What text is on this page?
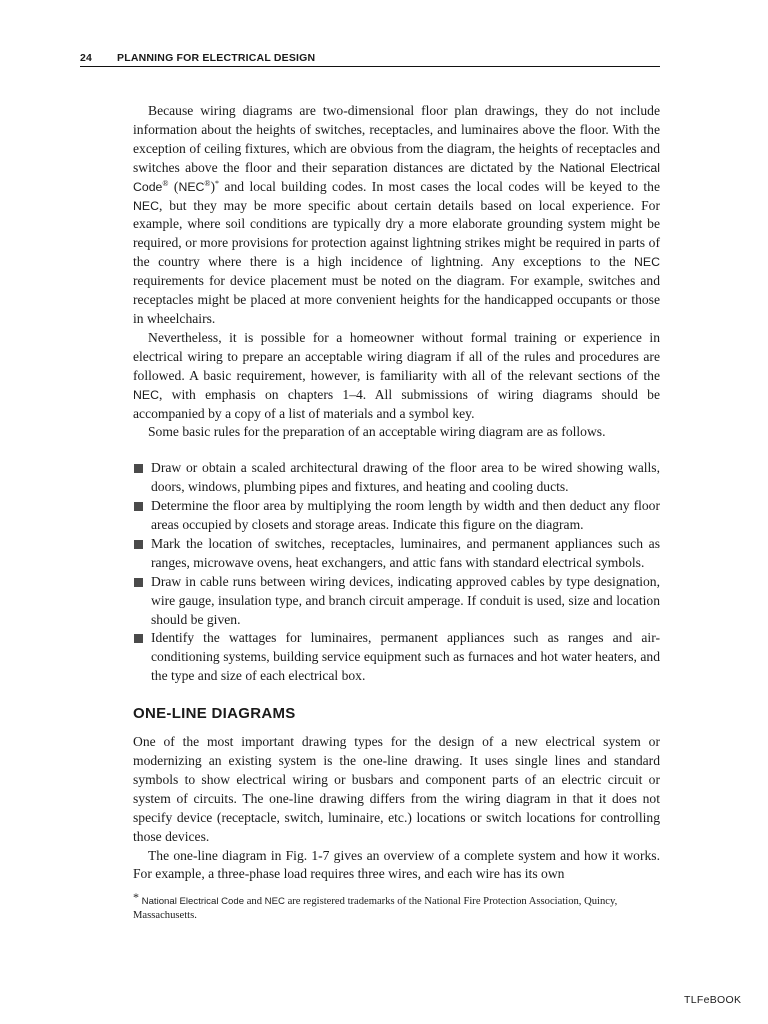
24 PLANNING FOR ELECTRICAL DESIGN

Because wiring diagrams are two-dimensional floor plan drawings, they do not include information about the heights of switches, receptacles, and luminaires above the floor. With the exception of ceiling fixtures, which are obvious from the diagram, the heights of receptacles and switches above the floor and their separation distances are dictated by the National Electrical Code® (NEC®)* and local building codes. In most cases the local codes will be keyed to the NEC, but they may be more specific about certain details based on local experience. For example, where soil conditions are typically dry a more elaborate grounding system might be required, or more provisions for protection against lightning strikes might be required in parts of the country where there is a high incidence of lightning. Any exceptions to the NEC requirements for device placement must be noted on the diagram. For example, switches and receptacles might be placed at more convenient heights for the handicapped occupants or those in wheelchairs.

Nevertheless, it is possible for a homeowner without formal training or experience in electrical wiring to prepare an acceptable wiring diagram if all of the rules and procedures are followed. A basic requirement, however, is familiarity with all of the relevant sections of the NEC, with emphasis on chapters 1–4. All submissions of wiring diagrams should be accompanied by a copy of a list of materials and a symbol key.

Some basic rules for the preparation of an acceptable wiring diagram are as follows.

Draw or obtain a scaled architectural drawing of the floor area to be wired showing walls, doors, windows, plumbing pipes and fixtures, and heating and cooling ducts.
Determine the floor area by multiplying the room length by width and then deduct any floor areas occupied by closets and storage areas. Indicate this figure on the diagram.
Mark the location of switches, receptacles, luminaires, and permanent appliances such as ranges, microwave ovens, heat exchangers, and attic fans with standard electrical symbols.
Draw in cable runs between wiring devices, indicating approved cables by type designation, wire gauge, insulation type, and branch circuit amperage. If conduit is used, size and location should be given.
Identify the wattages for luminaires, permanent appliances such as ranges and air-conditioning systems, building service equipment such as furnaces and hot water heaters, and the type and size of each electrical box.
ONE-LINE DIAGRAMS

One of the most important drawing types for the design of a new electrical system or modernizing an existing system is the one-line drawing. It uses single lines and standard symbols to show electrical wiring or busbars and component parts of an electric circuit or system of circuits. The one-line drawing differs from the wiring diagram in that it does not specify device (receptacle, switch, luminaire, etc.) locations or switch locations for controlling those devices.

The one-line diagram in Fig. 1-7 gives an overview of a complete system and how it works. For example, a three-phase load requires three wires, and each wire has its own

* National Electrical Code and NEC are registered trademarks of the National Fire Protection Association, Quincy, Massachusetts.
TLFeBOOK
